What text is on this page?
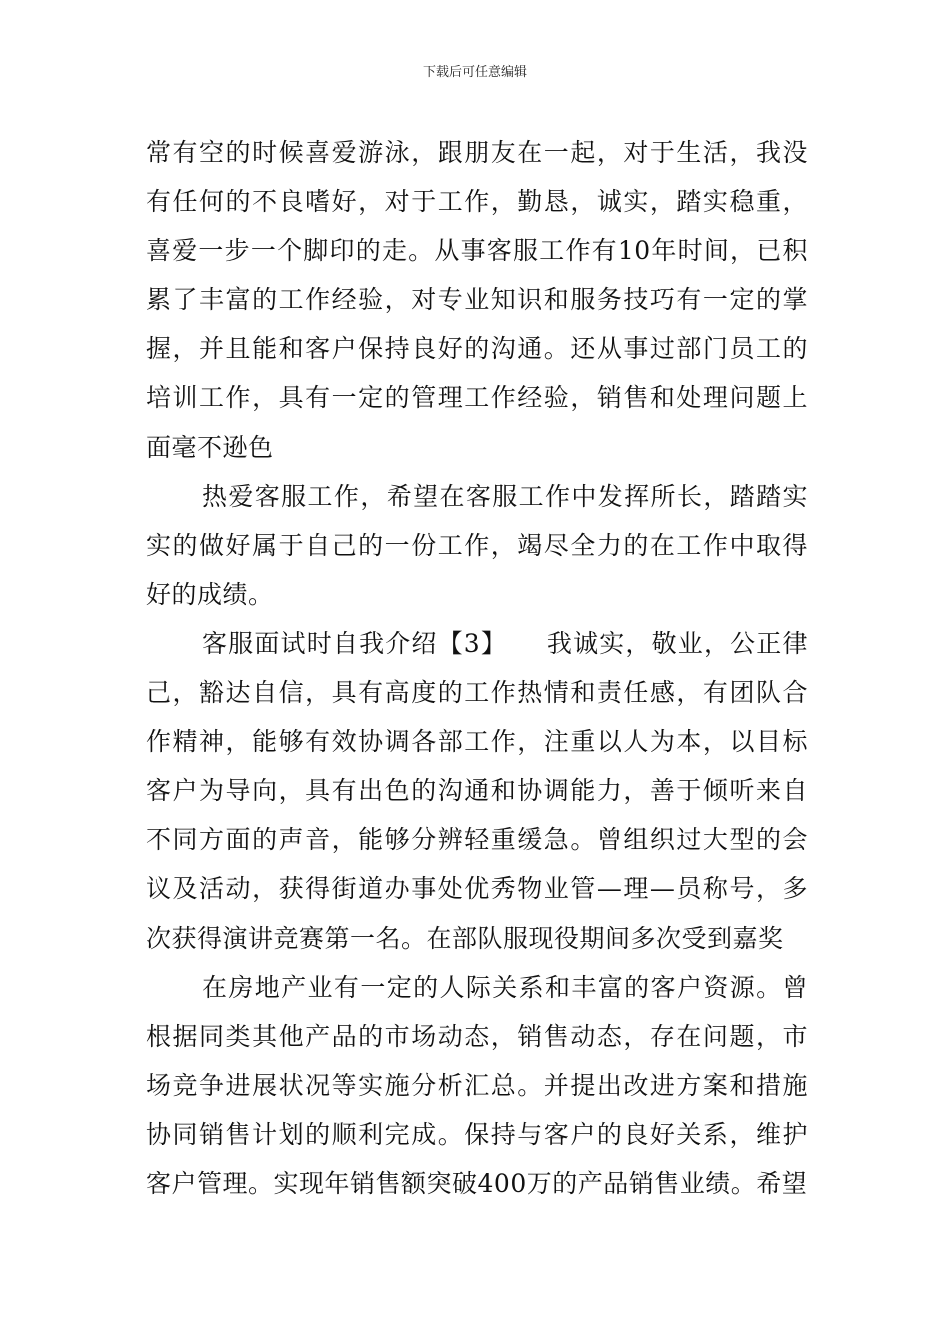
下载后可任意编辑

常有空的时候喜爱游泳，跟朋友在一起，对于生活，我没有任何的不良嗜好，对于工作，勤恳，诚实，踏实稳重，喜爱一步一个脚印的走。从事客服工作有10年时间，已积累了丰富的工作经验，对专业知识和服务技巧有一定的掌握，并且能和客户保持良好的沟通。还从事过部门员工的培训工作，具有一定的管理工作经验，销售和处理问题上面毫不逊色

热爱客服工作，希望在客服工作中发挥所长，踏踏实实的做好属于自己的一份工作，竭尽全力的在工作中取得好的成绩。

客服面试时自我介绍【3】　　我诚实，敬业，公正律己，豁达自信，具有高度的工作热情和责任感，有团队合作精神，能够有效协调各部工作，注重以人为本，以目标客户为导向，具有出色的沟通和协调能力，善于倾听来自不同方面的声音，能够分辨轻重缓急。曾组织过大型的会议及活动，获得街道办事处优秀物业管—理—员称号，多次获得演讲竞赛第一名。在部队服现役期间多次受到嘉奖

在房地产业有一定的人际关系和丰富的客户资源。曾根据同类其他产品的市场动态，销售动态，存在问题，市场竞争进展状况等实施分析汇总。并提出改进方案和措施协同销售计划的顺利完成。保持与客户的良好关系，维护客户管理。实现年销售额突破400万的产品销售业绩。希望
